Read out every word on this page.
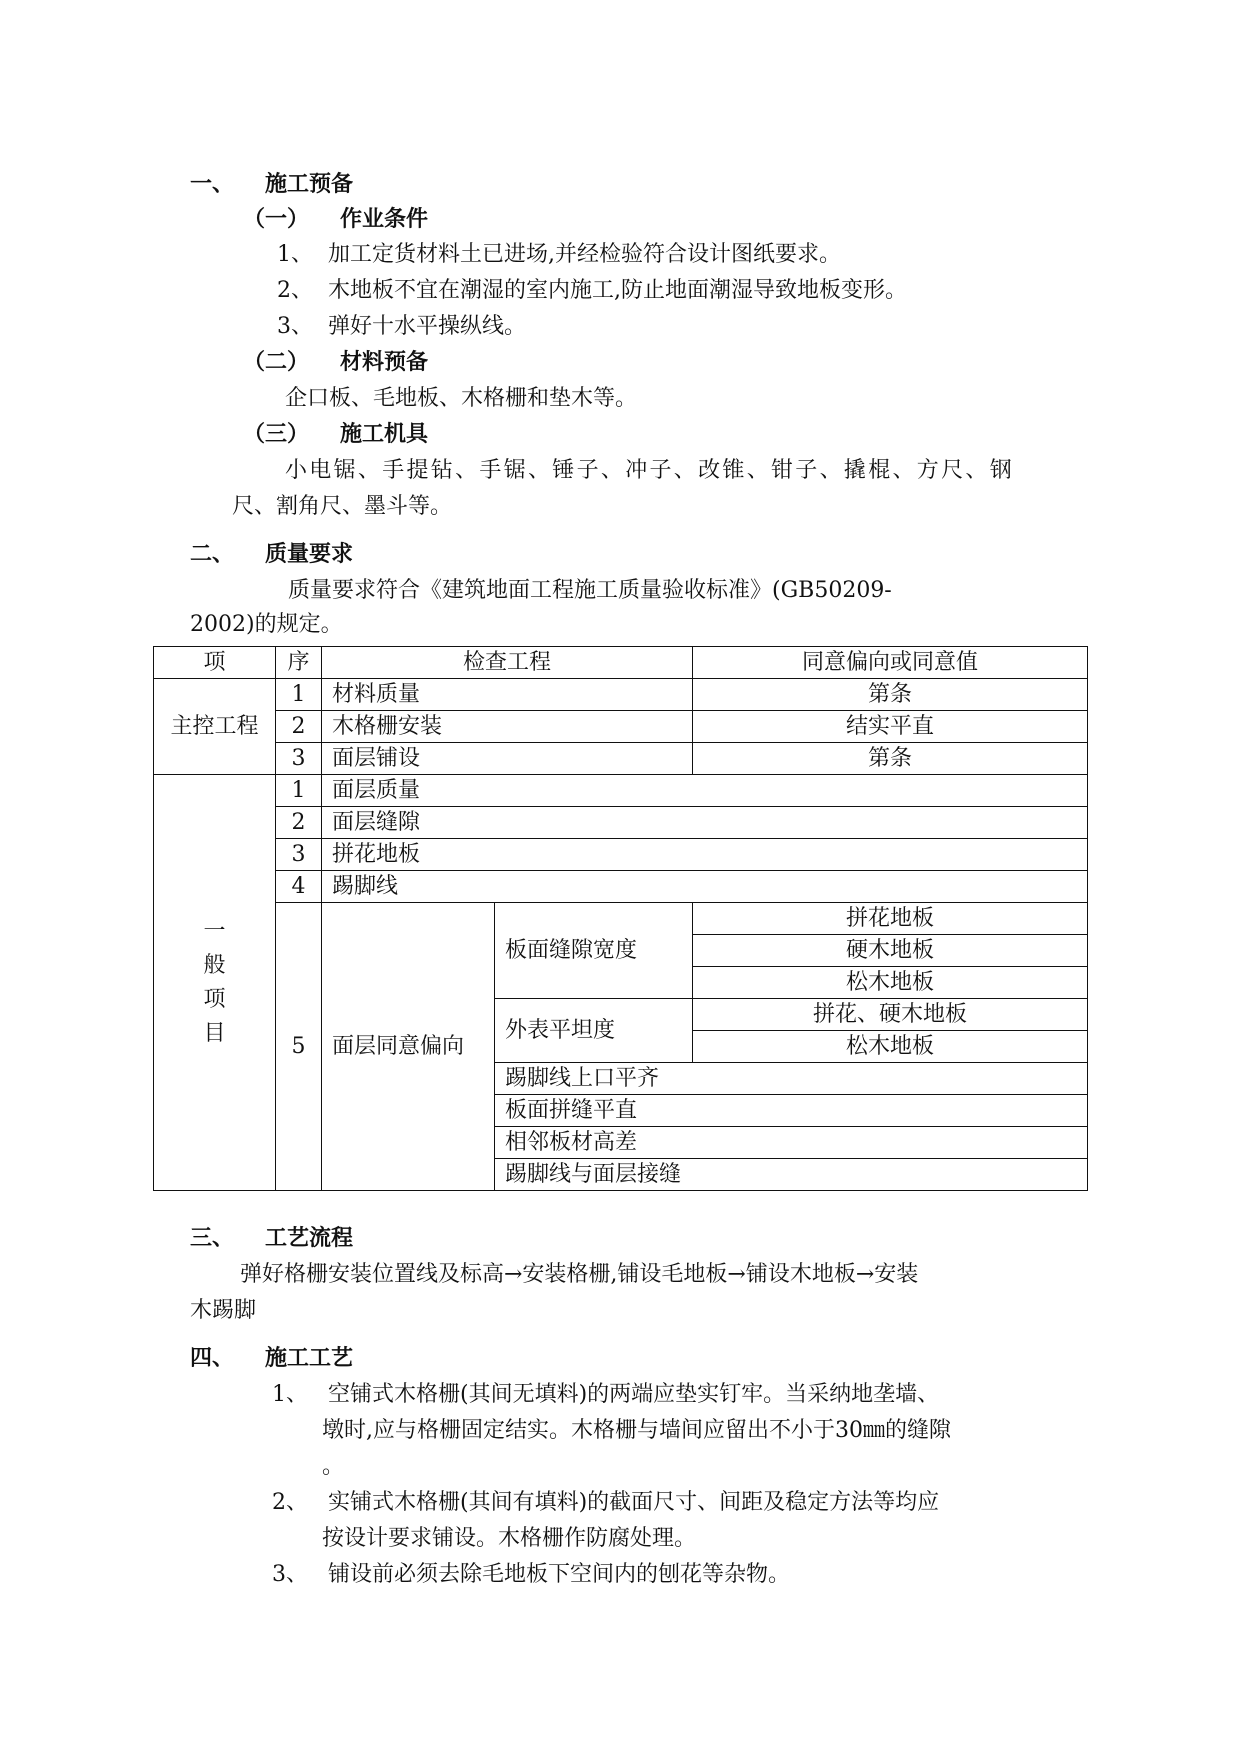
一、 施工预备
（一） 作业条件
1、 加工定货材料土已进场,并经检验符合设计图纸要求。
2、 木地板不宜在潮湿的室内施工,防止地面潮湿导致地板变形。
3、 弹好十水平操纵线。
（二） 材料预备
企口板、毛地板、木格栅和垫木等。
（三） 施工机具
小电锯、手提钻、手锯、锤子、冲子、改锥、钳子、撬棍、方尺、钢
尺、割角尺、墨斗等。
二、 质量要求
质量要求符合《建筑地面工程施工质量验收标准》(GB50209-
2002)的规定。
项	序	检查工程		同意偏向或同意值	
主控工程	1	材料质量		第条	
	2	木格栅安装		结实平直	
	3	面层铺设		第条	

一
般
项
目	1	面层质量	
	2	面层缝隙	
	3	拼花地板	
	4	踢脚线	
	5	面层同意偏向	板面缝隙宽度	拼花地板	
				硬木地板	
				松木地板	
			外表平坦度	拼花、硬木地板	
				松木地板	
			踢脚线上口平齐		
			板面拼缝平直		
			相邻板材高差		
			踢脚线与面层接缝		
三、 工艺流程
弹好格栅安装位置线及标高→安装格栅,铺设毛地板→铺设木地板→安装
木踢脚
四、 施工工艺
1、 空铺式木格栅(其间无填料)的两端应垫实钉牢。当采纳地垄墙、
墩时,应与格栅固定结实。木格栅与墙间应留出不小于30㎜的缝隙
。
2、 实铺式木格栅(其间有填料)的截面尺寸、间距及稳定方法等均应
按设计要求铺设。木格栅作防腐处理。
3、 铺设前必须去除毛地板下空间内的刨花等杂物。
